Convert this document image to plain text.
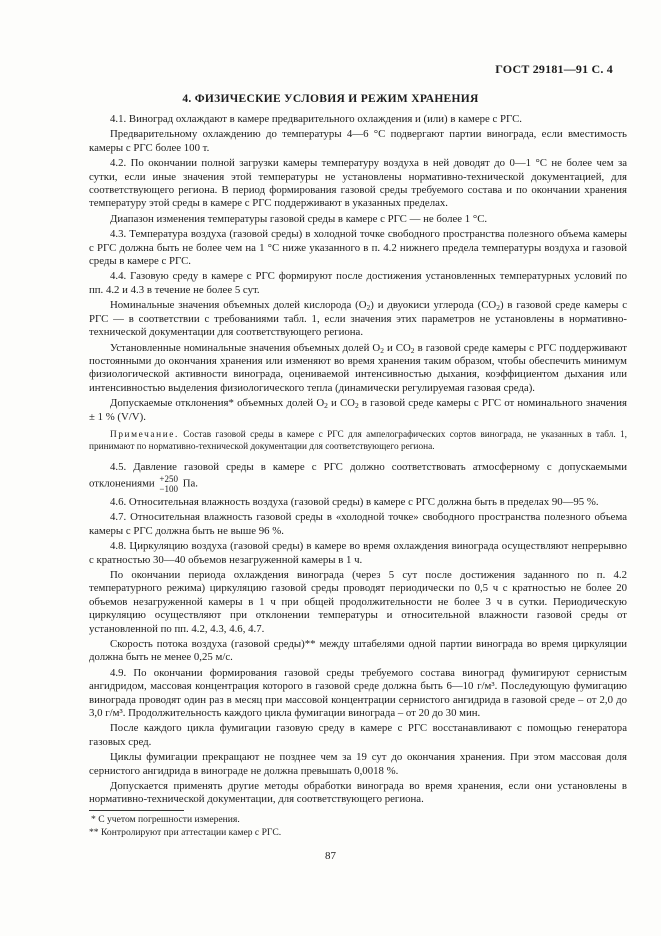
ГОСТ 29181—91 С. 4
4. ФИЗИЧЕСКИЕ УСЛОВИЯ И РЕЖИМ ХРАНЕНИЯ

4.1. Виноград охлаждают в камере предварительного охлаждения и (или) в камере с РГС.

Предварительному охлаждению до температуры 4—6 °С подвергают партии винограда, если вместимость камеры с РГС более 100 т.

4.2. По окончании полной загрузки камеры температуру воздуха в ней доводят до 0—1 °С не более чем за сутки, если иные значения этой температуры не установлены нормативно-технической документацией, для соответствующего региона. В период формирования газовой среды требуемого состава и по окончании хранения температуру этой среды в камере с РГС поддерживают в указанных пределах.

Диапазон изменения температуры газовой среды в камере с РГС — не более 1 °С.

4.3. Температура воздуха (газовой среды) в холодной точке свободного пространства полезного объема камеры с РГС должна быть не более чем на 1 °С ниже указанного в п. 4.2 нижнего предела температуры воздуха и газовой среды в камере с РГС.

4.4. Газовую среду в камере с РГС формируют после достижения установленных температурных условий по пп. 4.2 и 4.3 в течение не более 5 сут.

Номинальные значения объемных долей кислорода $(О_2)$ и двуокиси углерода $(СО_2)$ в газовой среде камеры с РГС — в соответствии с требованиями табл. 1, если значения этих параметров не установлены в нормативно-технической документации для соответствующего региона.

Установленные номинальные значения объемных долей $О_2$ и $СО_2$ в газовой среде камеры с РГС поддерживают постоянными до окончания хранения или изменяют во время хранения таким образом, чтобы обеспечить минимум физиологической активности винограда, оцениваемой интенсивностью дыхания, коэффициентом дыхания или интенсивностью выделения физиологического тепла (динамически регулируемая газовая среда).

Допускаемые отклонения* объемных долей $О_2$ и $СО_2$ в газовой среде камеры с РГС от номинального значения ± 1 % (V/V).

Примечание. Состав газовой среды в камере с РГС для ампелографических сортов винограда, не указанных в табл. 1, принимают по нормативно-технической документации для соответствующего региона.

4.5. Давление газовой среды в камере с РГС должно соответствовать атмосферному с допускаемыми отклонениями +250
−100 Па.

4.6. Относительная влажность воздуха (газовой среды) в камере с РГС должна быть в пределах 90—95 %.

4.7. Относительная влажность газовой среды в «холодной точке» свободного пространства полезного объема камеры с РГС должна быть не выше 96 %.

4.8. Циркуляцию воздуха (газовой среды) в камере во время охлаждения винограда осуществляют непрерывно с кратностью 30—40 объемов незагруженной камеры в 1 ч.

По окончании периода охлаждения винограда (через 5 сут после достижения заданного по п. 4.2 температурного режима) циркуляцию газовой среды проводят периодически по 0,5 ч с кратностью не более 20 объемов незагруженной камеры в 1 ч при общей продолжительности не более 3 ч в сутки. Периодическую циркуляцию осуществляют при отклонении температуры и относительной влажности газовой среды от установленной по пп. 4.2, 4.3, 4.6, 4.7.

Скорость потока воздуха (газовой среды)** между штабелями одной партии винограда во время циркуляции должна быть не менее 0,25 м/с.

4.9. По окончании формирования газовой среды требуемого состава виноград фумигируют сернистым ангидридом, массовая концентрация которого в газовой среде должна быть 6—10 г/м³. Последующую фумигацию винограда проводят один раз в месяц при массовой концентрации сернистого ангидрида в газовой среде – от 2,0 до 3,0 г/м³. Продолжительность каждого цикла фумигации винограда – от 20 до 30 мин.

После каждого цикла фумигации газовую среду в камере с РГС восстанавливают с помощью генератора газовых сред.

Циклы фумигации прекращают не позднее чем за 19 сут до окончания хранения. При этом массовая доля сернистого ангидрида в винограде не должна превышать 0,0018 %.

Допускается применять другие методы обработки винограда во время хранения, если они установлены в нормативно-технической документации, для соответствующего региона.

* С учетом погрешности измерения.
** Контролируют при аттестации камер с РГС.
87
